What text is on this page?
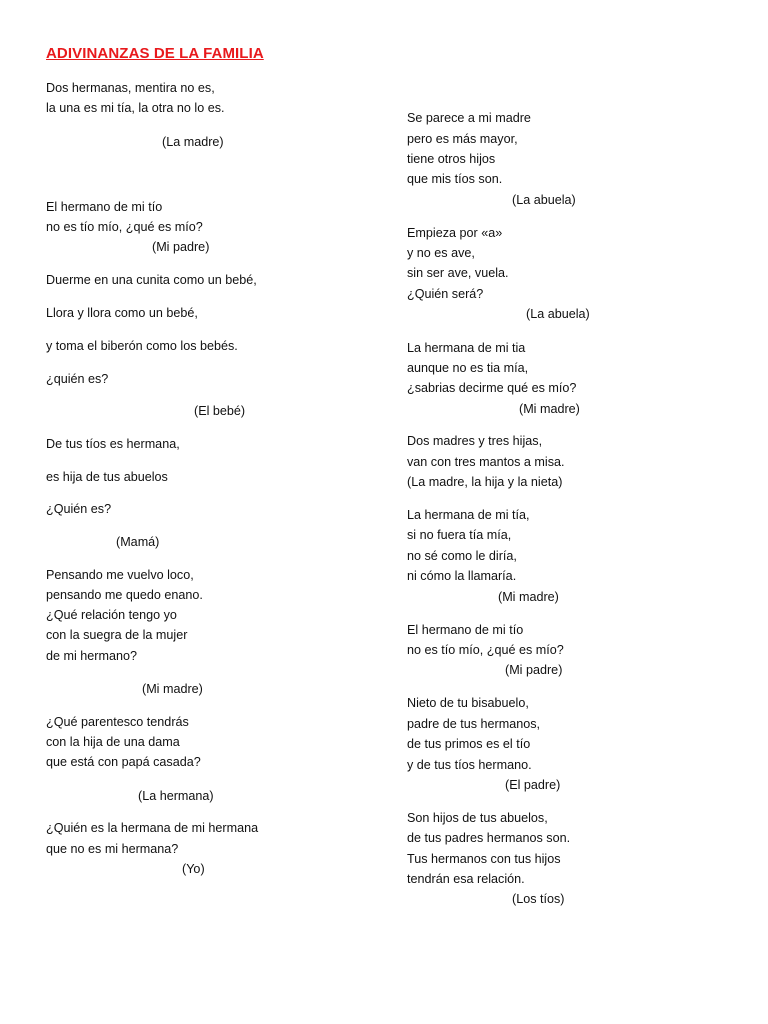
ADIVINANZAS DE LA FAMILIA
Dos hermanas, mentira no es,
la una es mi tía, la otra no lo es.
(La madre)
El hermano de mi tío
no es tío mío, ¿qué es mío?
(Mi padre)
Duerme en una cunita como un bebé,
Llora y llora como un bebé,
y toma el biberón como los bebés.
¿quién es?
(El bebé)
De tus tíos es hermana,
es hija de tus abuelos
¿Quién es?
(Mamá)
Pensando me vuelvo loco,
pensando me quedo enano.
¿Qué relación tengo yo
con la suegra de la mujer
de mi hermano?
(Mi madre)
¿Qué parentesco tendrás
con la hija de una dama
que está con papá casada?
(La hermana)
¿Quién es la hermana de mi hermana
que no es mi hermana?
(Yo)
Se parece a mi madre
pero es más mayor,
tiene otros hijos
que mis tíos son.
(La abuela)
Empieza por «a»
y no es ave,
sin ser ave, vuela.
¿Quién será?
(La abuela)
La hermana de mi tia
aunque no es tia mía,
¿sabrias decirme qué es mío?
(Mi madre)
Dos madres y tres hijas,
van con tres mantos a misa.
(La madre, la hija y la nieta)
La hermana de mi tía,
si no fuera tía mía,
no sé como le diría,
ni cómo la llamaría.
(Mi madre)
El hermano de mi tío
no es tío mío, ¿qué es mío?
(Mi padre)
Nieto de tu bisabuelo,
padre de tus hermanos,
de tus primos es el tío
y de tus tíos hermano.
(El padre)
Son hijos de tus abuelos,
de tus padres hermanos son.
Tus hermanos con tus hijos
tendrán esa relación.
(Los tíos)
